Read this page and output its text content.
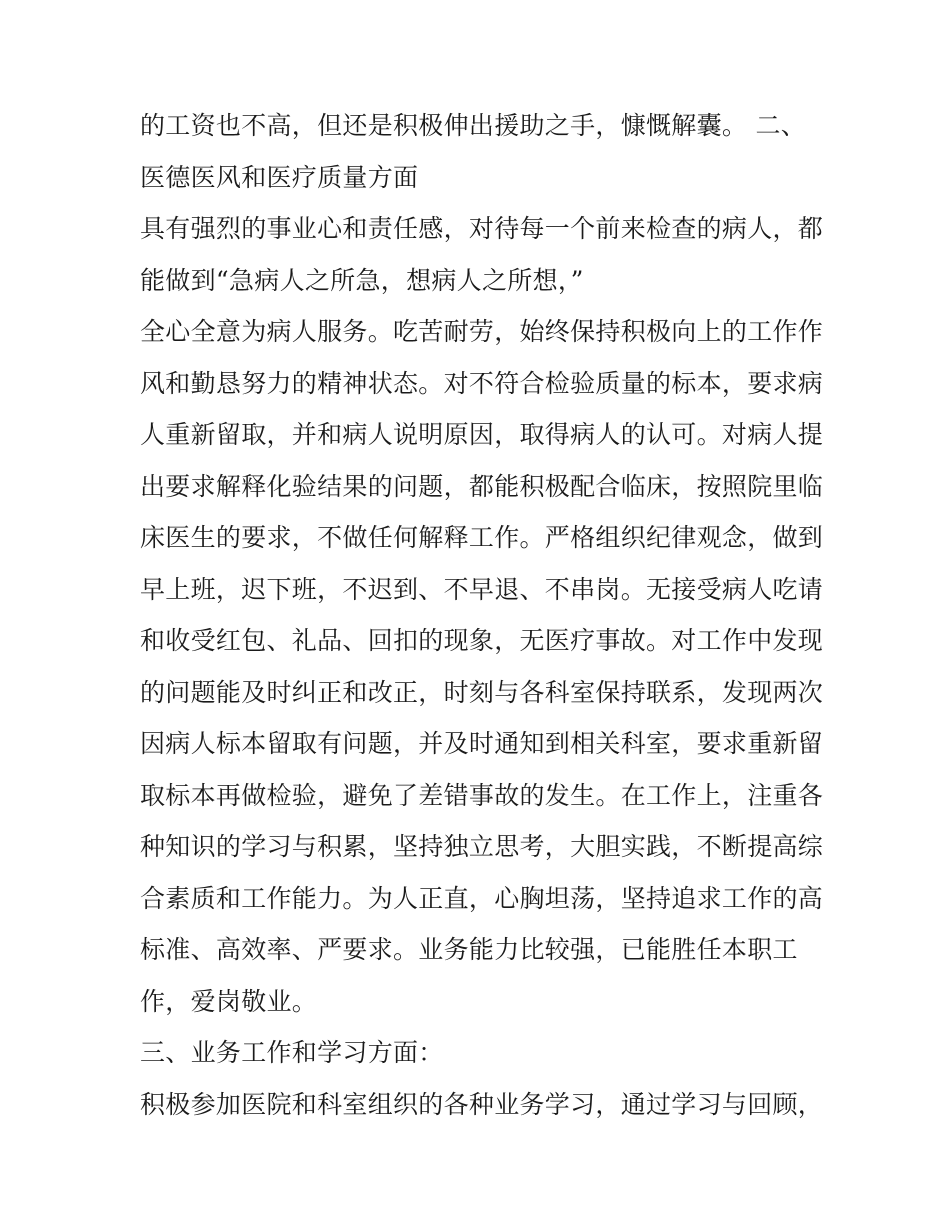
的工资也不高，但还是积极伸出援助之手，慷慨解囊。 二、
医德医风和医疗质量方面
具有强烈的事业心和责任感，对待每一个前来检查的病人，都
能做到“急病人之所急，想病人之所想，”
全心全意为病人服务。吃苦耐劳，始终保持积极向上的工作作
风和勤恳努力的精神状态。对不符合检验质量的标本，要求病
人重新留取，并和病人说明原因，取得病人的认可。对病人提
出要求解释化验结果的问题，都能积极配合临床，按照院里临
床医生的要求，不做任何解释工作。严格组织纪律观念，做到
早上班，迟下班，不迟到、不早退、不串岗。无接受病人吃请
和收受红包、礼品、回扣的现象，无医疗事故。对工作中发现
的问题能及时纠正和改正，时刻与各科室保持联系，发现两次
因病人标本留取有问题，并及时通知到相关科室，要求重新留
取标本再做检验，避免了差错事故的发生。在工作上，注重各
种知识的学习与积累，坚持独立思考，大胆实践，不断提高综
合素质和工作能力。为人正直，心胸坦荡，坚持追求工作的高
标准、高效率、严要求。业务能力比较强，已能胜任本职工
作，爱岗敬业。
三、业务工作和学习方面：
积极参加医院和科室组织的各种业务学习，通过学习与回顾，
